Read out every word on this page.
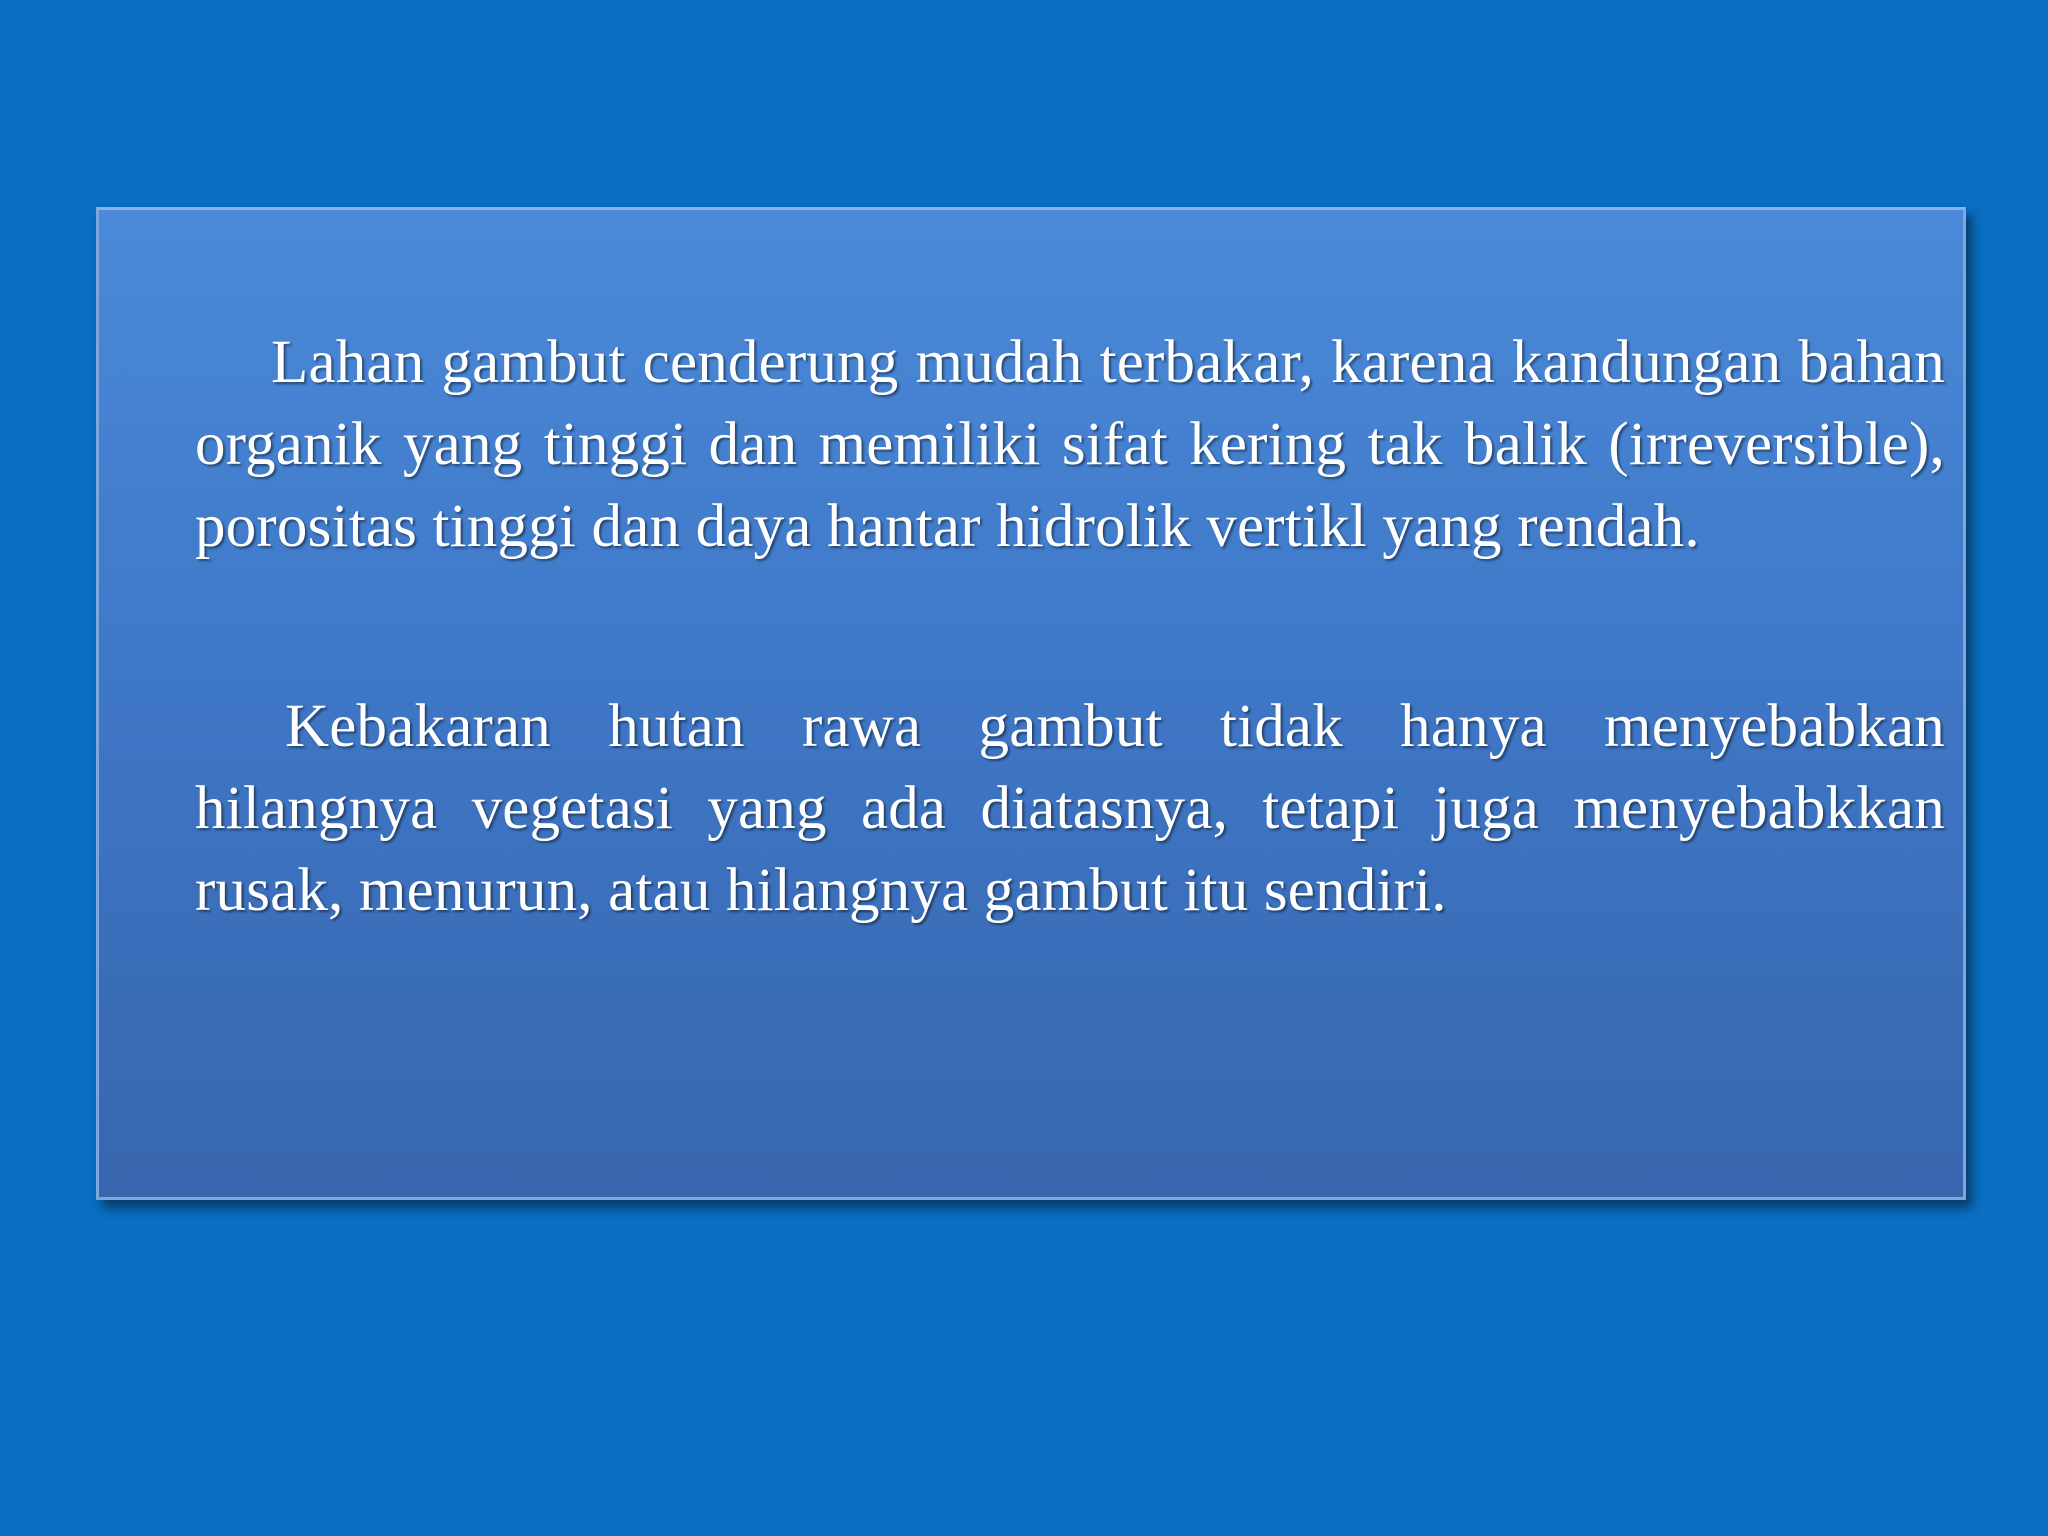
Lahan gambut cenderung mudah terbakar, karena kandungan bahan organik yang tinggi dan memiliki sifat kering tak balik (irreversible), porositas tinggi dan daya hantar hidrolik vertikl yang rendah.

Kebakaran hutan rawa gambut tidak hanya menyebabkan hilangnya vegetasi yang ada diatasnya, tetapi juga menyebabkkan rusak, menurun, atau hilangnya gambut itu sendiri.
